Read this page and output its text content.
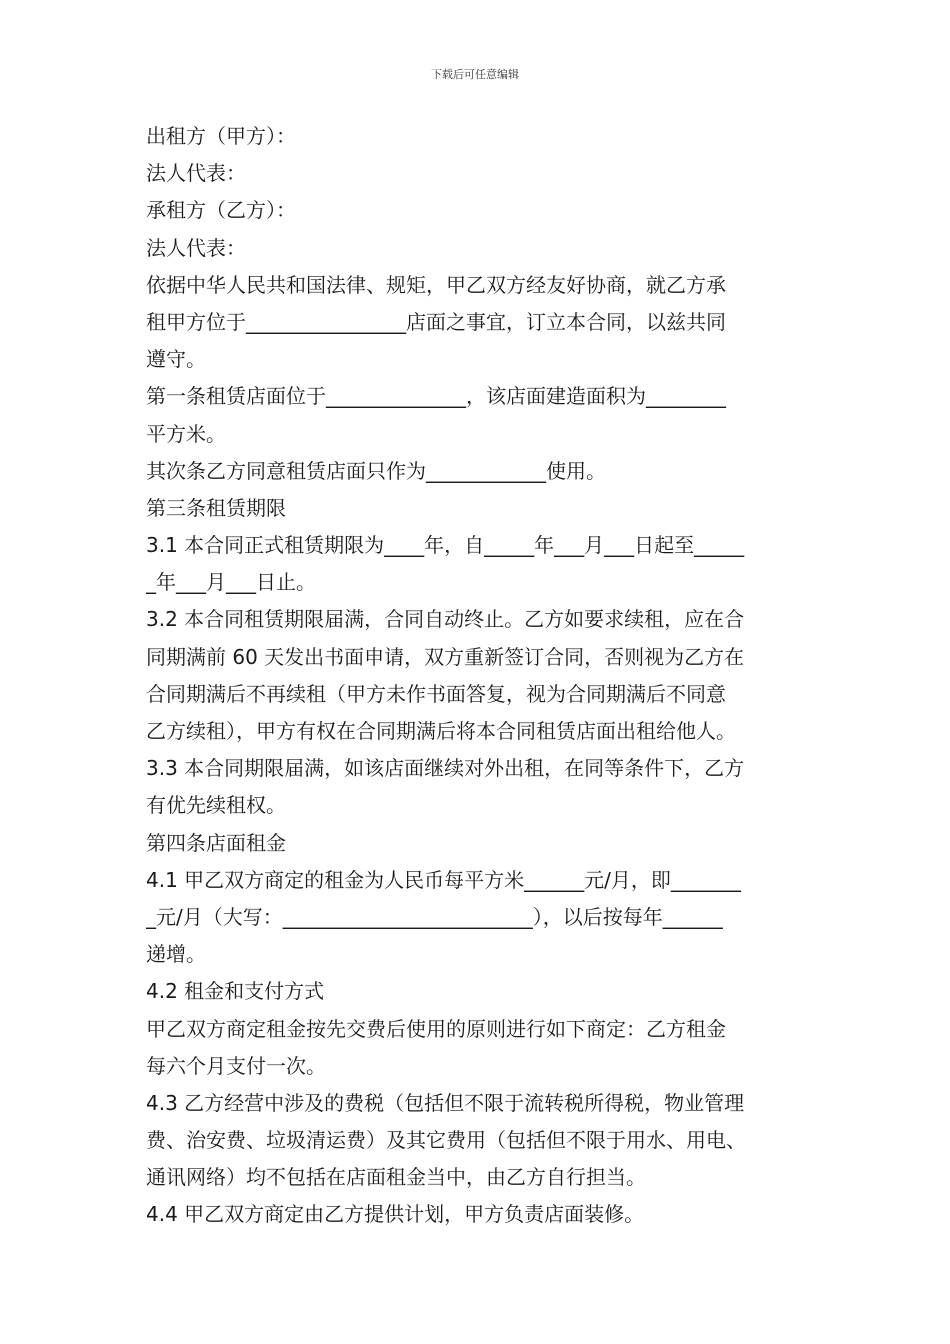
下载后可任意编辑
出租方（甲方）：
法人代表：
承租方（乙方）：
法人代表：
依据中华人民共和国法律、规矩，甲乙双方经友好协商，就乙方承
租甲方位于________________店面之事宜，订立本合同，以兹共同
遵守。
第一条租赁店面位于______________，该店面建造面积为________
平方米。
其次条乙方同意租赁店面只作为____________使用。
第三条租赁期限
3.1 本合同正式租赁期限为____年，自_____年___月___日起至_____
_年___月___日止。
3.2 本合同租赁期限届满，合同自动终止。乙方如要求续租，应在合
同期满前 60 天发出书面申请，双方重新签订合同，否则视为乙方在
合同期满后不再续租（甲方未作书面答复，视为合同期满后不同意
乙方续租），甲方有权在合同期满后将本合同租赁店面出租给他人。
3.3 本合同期限届满，如该店面继续对外出租，在同等条件下，乙方
有优先续租权。
第四条店面租金
4.1 甲乙双方商定的租金为人民币每平方米______元/月，即_______
_元/月（大写：_________________________），以后按每年______
递增。
4.2 租金和支付方式
甲乙双方商定租金按先交费后使用的原则进行如下商定：乙方租金
每六个月支付一次。
4.3 乙方经营中涉及的费税（包括但不限于流转税所得税，物业管理
费、治安费、垃圾清运费）及其它费用（包括但不限于用水、用电、
通讯网络）均不包括在店面租金当中，由乙方自行担当。
4.4 甲乙双方商定由乙方提供计划，甲方负责店面装修。
